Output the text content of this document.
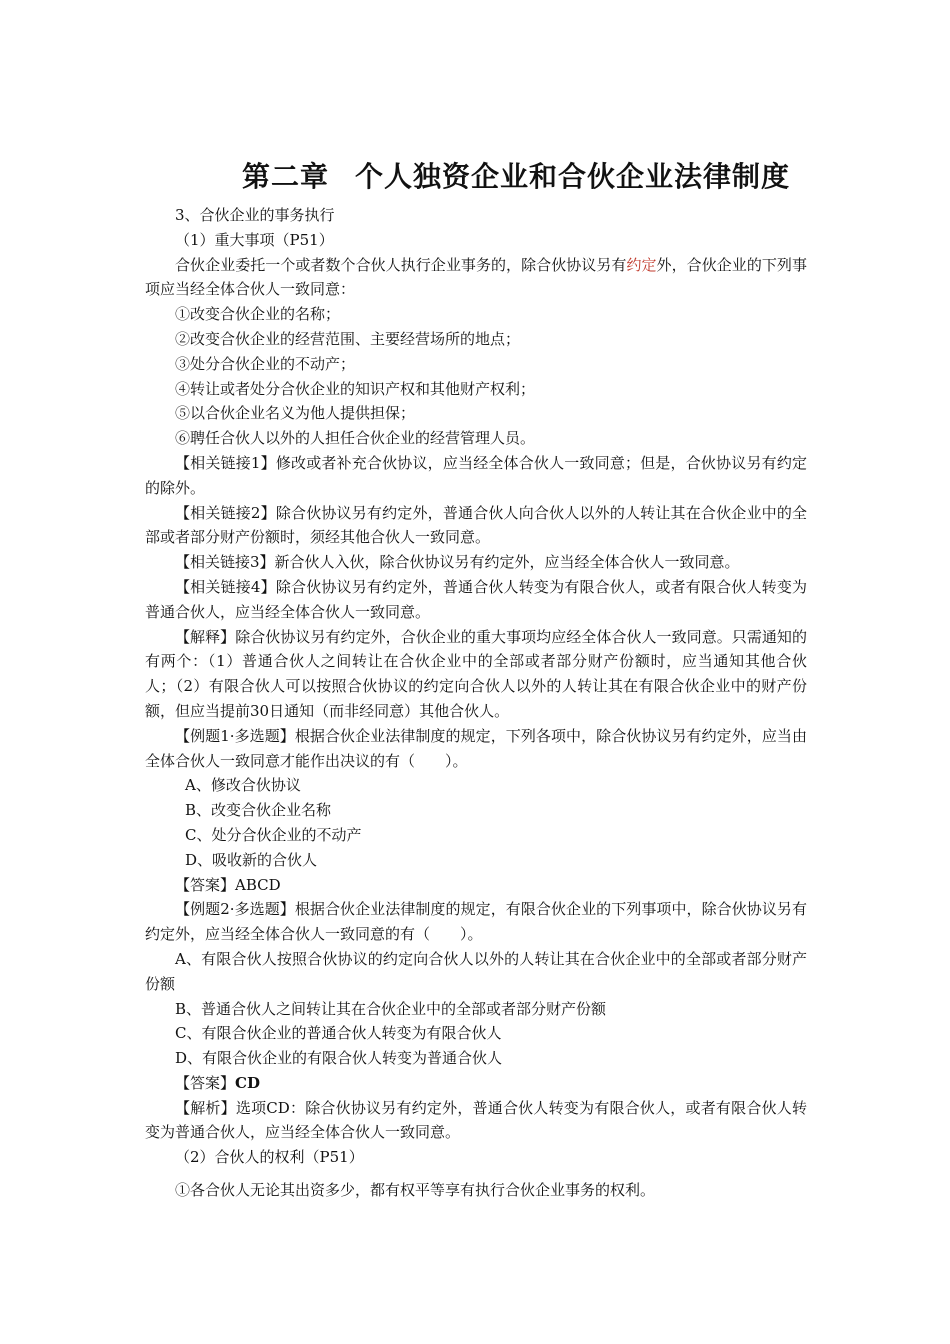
第二章 个人独资企业和合伙企业法律制度

3、合伙企业的事务执行

（1）重大事项（P51）

合伙企业委托一个或者数个合伙人执行企业事务的，除合伙协议另有约定外，合伙企业的下列事项应当经全体合伙人一致同意：

①改变合伙企业的名称；

②改变合伙企业的经营范围、主要经营场所的地点；

③处分合伙企业的不动产；

④转让或者处分合伙企业的知识产权和其他财产权利；

⑤以合伙企业名义为他人提供担保；

⑥聘任合伙人以外的人担任合伙企业的经营管理人员。

【相关链接1】修改或者补充合伙协议，应当经全体合伙人一致同意；但是，合伙协议另有约定的除外。

【相关链接2】除合伙协议另有约定外，普通合伙人向合伙人以外的人转让其在合伙企业中的全部或者部分财产份额时，须经其他合伙人一致同意。

【相关链接3】新合伙人入伙，除合伙协议另有约定外，应当经全体合伙人一致同意。

【相关链接4】除合伙协议另有约定外，普通合伙人转变为有限合伙人，或者有限合伙人转变为普通合伙人，应当经全体合伙人一致同意。

【解释】除合伙协议另有约定外，合伙企业的重大事项均应经全体合伙人一致同意。只需通知的有两个：（1）普通合伙人之间转让在合伙企业中的全部或者部分财产份额时，应当通知其他合伙人；（2）有限合伙人可以按照合伙协议的约定向合伙人以外的人转让其在有限合伙企业中的财产份额，但应当提前30日通知（而非经同意）其他合伙人。

【例题1·多选题】根据合伙企业法律制度的规定，下列各项中，除合伙协议另有约定外，应当由全体合伙人一致同意才能作出决议的有（　　）。

A、修改合伙协议

B、改变合伙企业名称

C、处分合伙企业的不动产

D、吸收新的合伙人

【答案】ABCD

【例题2·多选题】根据合伙企业法律制度的规定，有限合伙企业的下列事项中，除合伙协议另有约定外，应当经全体合伙人一致同意的有（　　）。

A、有限合伙人按照合伙协议的约定向合伙人以外的人转让其在合伙企业中的全部或者部分财产份额

B、普通合伙人之间转让其在合伙企业中的全部或者部分财产份额

C、有限合伙企业的普通合伙人转变为有限合伙人

D、有限合伙企业的有限合伙人转变为普通合伙人

【答案】CD

【解析】选项CD：除合伙协议另有约定外，普通合伙人转变为有限合伙人，或者有限合伙人转变为普通合伙人，应当经全体合伙人一致同意。

（2）合伙人的权利（P51）

①各合伙人无论其出资多少，都有权平等享有执行合伙企业事务的权利。
